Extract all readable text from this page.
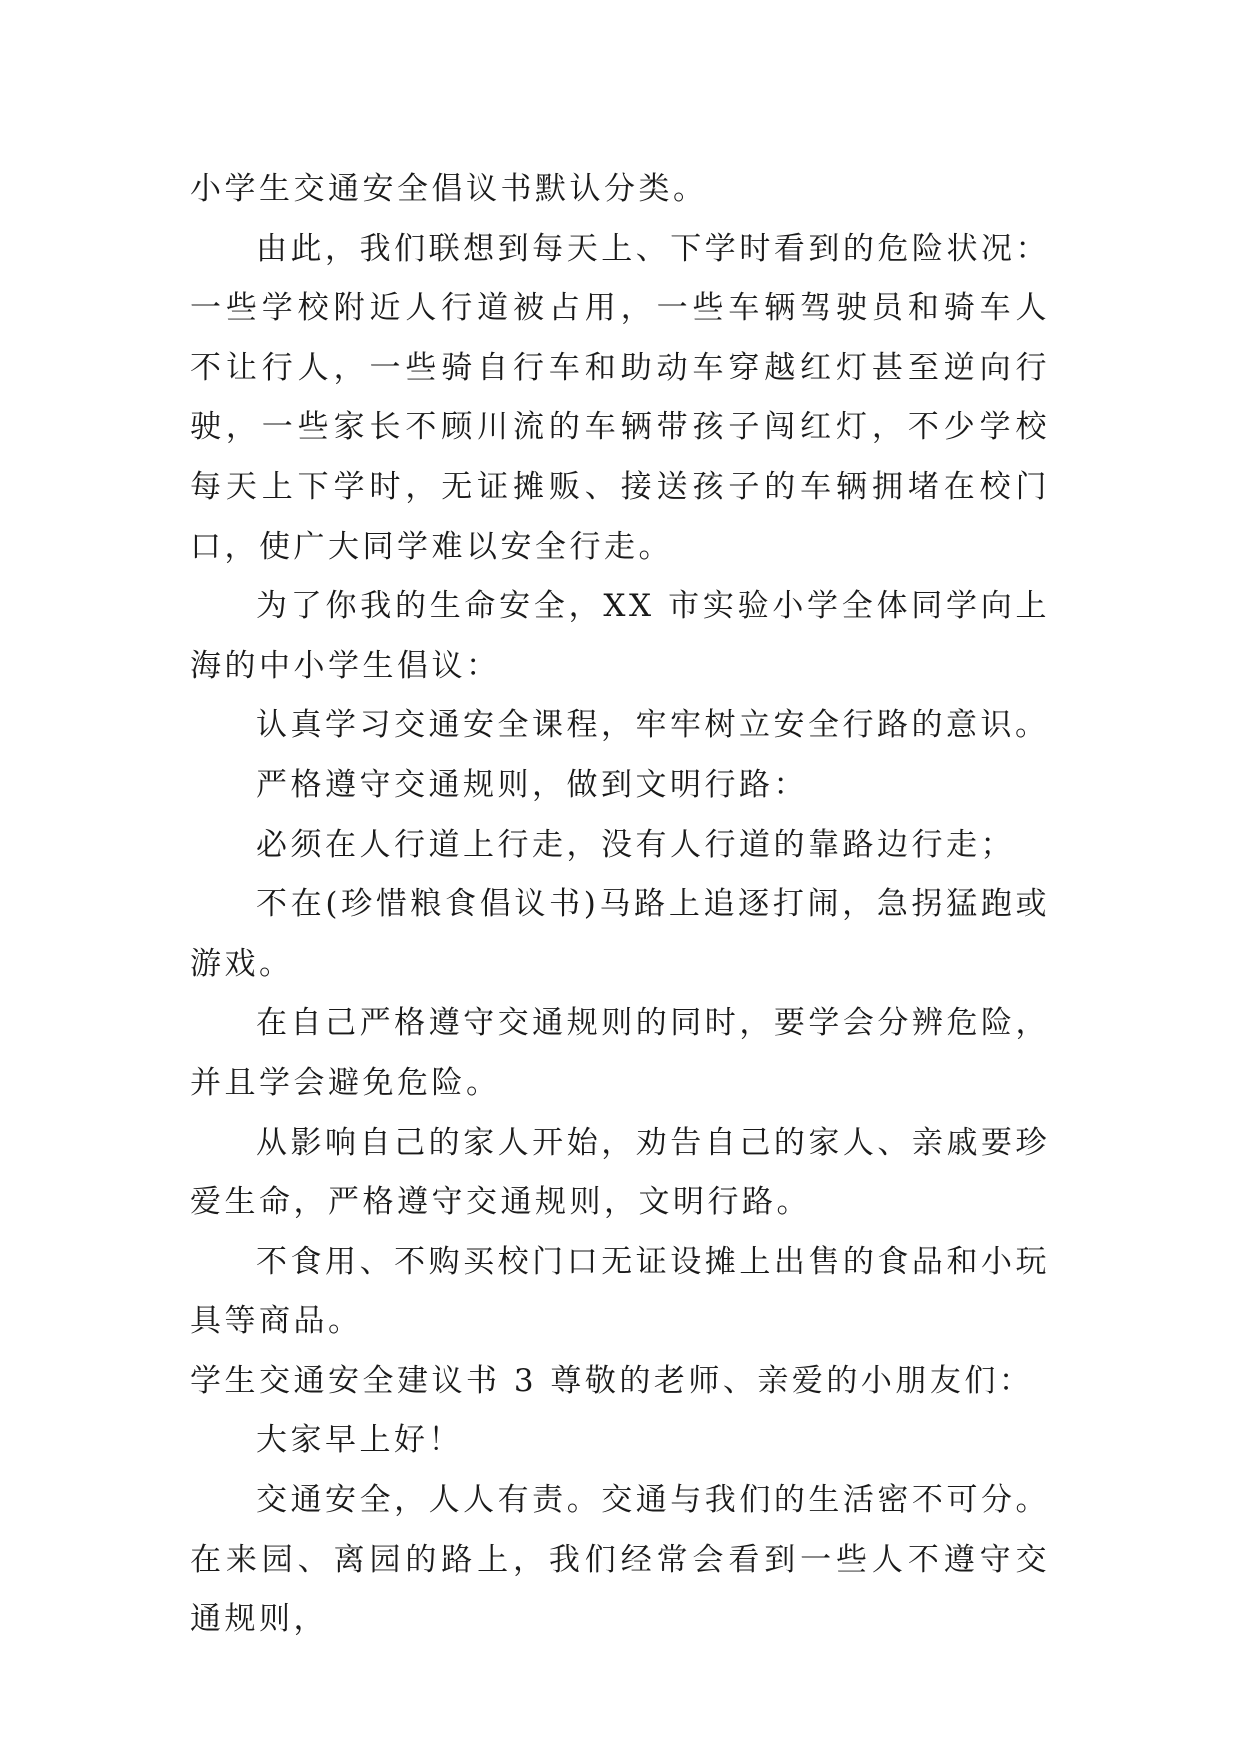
小学生交通安全倡议书默认分类。

由此，我们联想到每天上、下学时看到的危险状况：一些学校附近人行道被占用，一些车辆驾驶员和骑车人不让行人，一些骑自行车和助动车穿越红灯甚至逆向行驶，一些家长不顾川流的车辆带孩子闯红灯，不少学校每天上下学时，无证摊贩、接送孩子的车辆拥堵在校门口，使广大同学难以安全行走。

为了你我的生命安全，XX 市实验小学全体同学向上海的中小学生倡议：

认真学习交通安全课程，牢牢树立安全行路的意识。

严格遵守交通规则，做到文明行路：

必须在人行道上行走，没有人行道的靠路边行走；

不在(珍惜粮食倡议书)马路上追逐打闹，急拐猛跑或游戏。

在自己严格遵守交通规则的同时，要学会分辨危险，并且学会避免危险。

从影响自己的家人开始，劝告自己的家人、亲戚要珍爱生命，严格遵守交通规则，文明行路。

不食用、不购买校门口无证设摊上出售的食品和小玩具等商品。

学生交通安全建议书 3 尊敬的老师、亲爱的小朋友们：

大家早上好！

交通安全，人人有责。交通与我们的生活密不可分。在来园、离园的路上，我们经常会看到一些人不遵守交通规则，
